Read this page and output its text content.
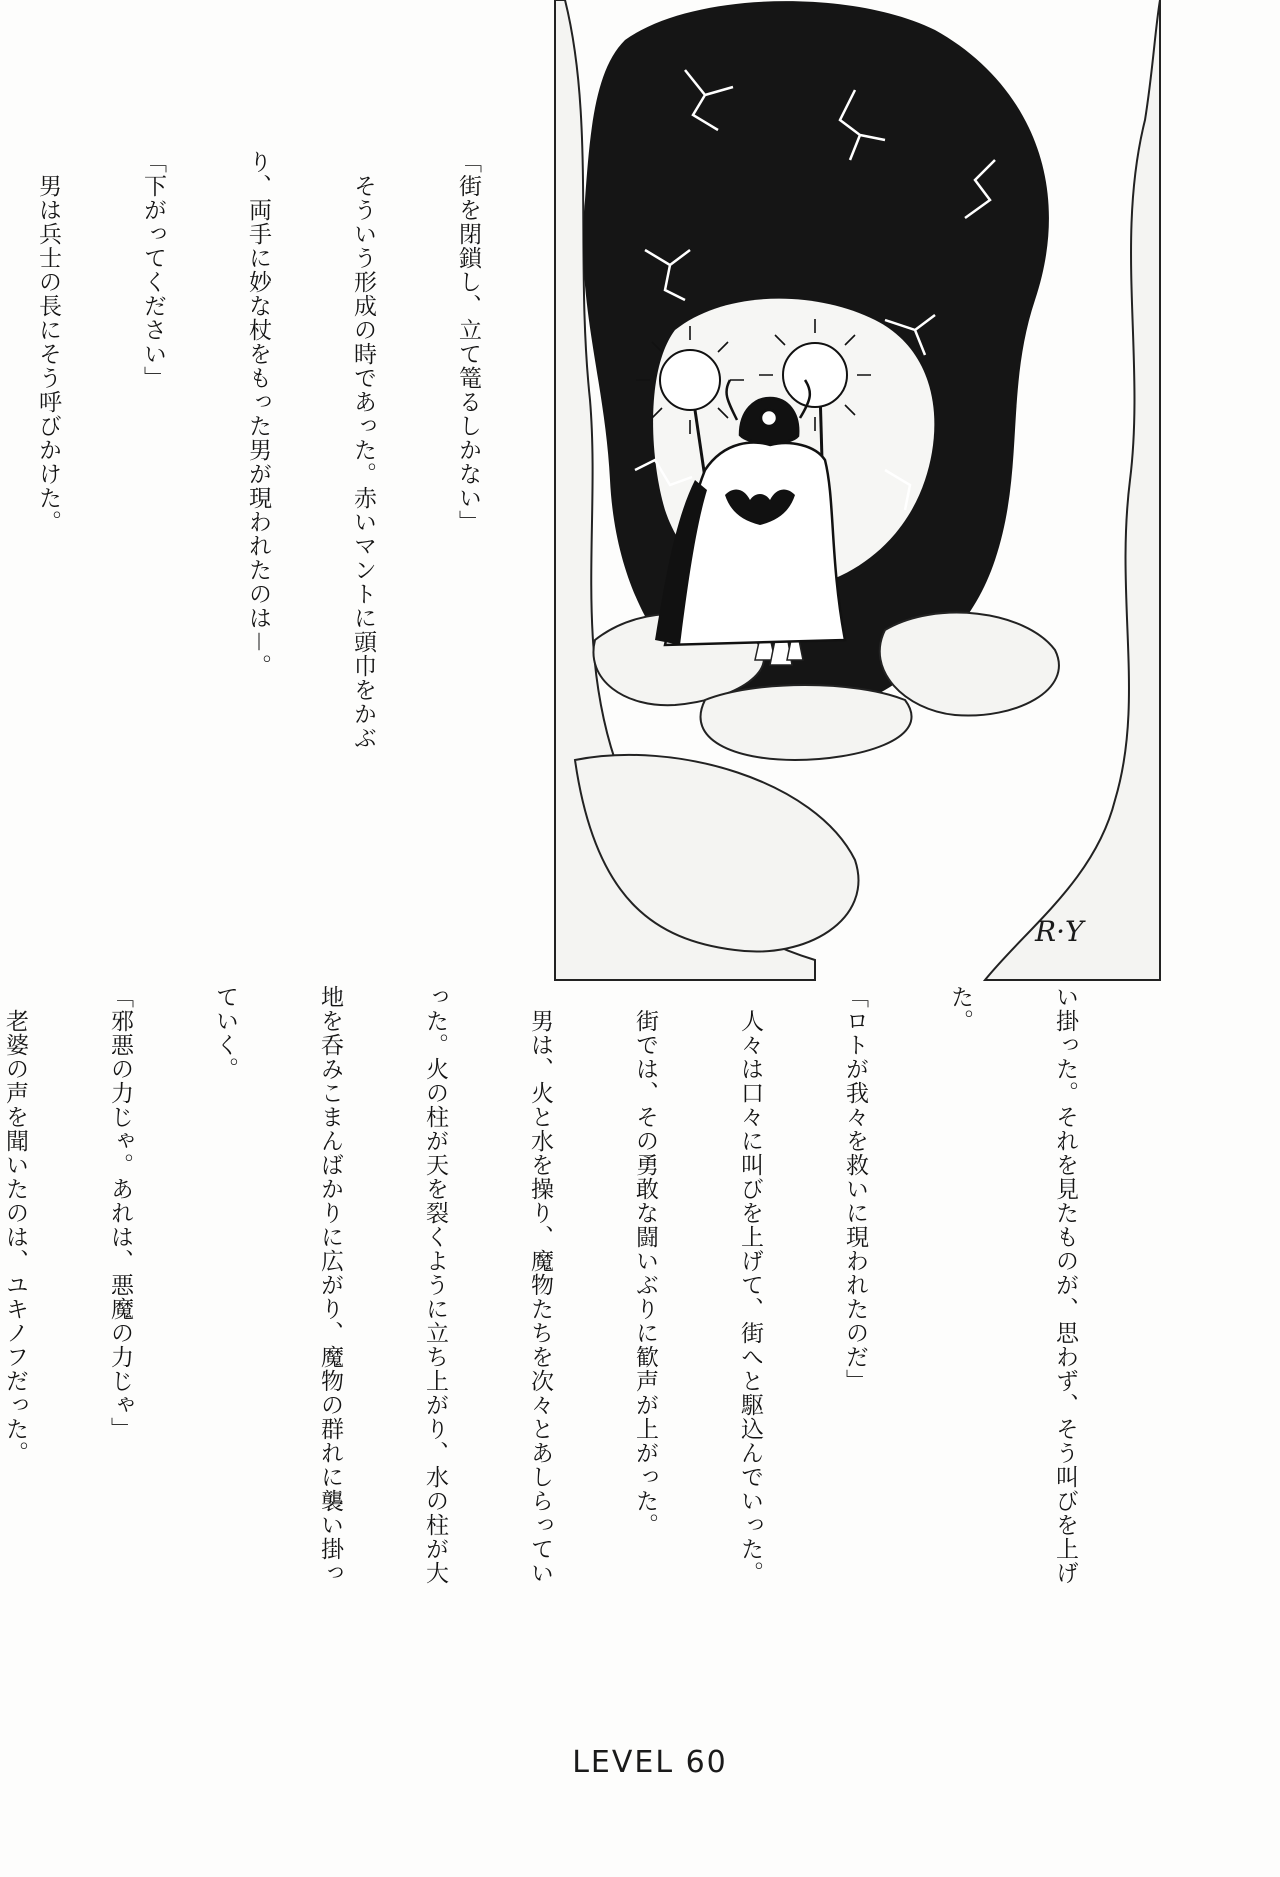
「街を閉鎖し、立て篭るしかない」

　そういう形成の時であった。赤いマントに頭巾をかぶ

り、両手に妙な杖をもった男が現われたのは－。

「下がってください」

　男は兵士の長にそう呼びかけた。

R·Y

い掛った。それを見たものが、思わず、そう叫びを上げ

た。

「ロトが我々を救いに現われたのだ」

　人々は口々に叫びを上げて、街へと駆込んでいった。

　街では、その勇敢な闘いぶりに歓声が上がった。

　男は、火と水を操り、魔物たちを次々とあしらってい

った。火の柱が天を裂くように立ち上がり、水の柱が大

地を呑みこまんばかりに広がり、魔物の群れに襲い掛っ

ていく。

「邪悪の力じゃ。あれは、悪魔の力じゃ」

　老婆の声を聞いたのは、ユキノフだった。

LEVEL 60
